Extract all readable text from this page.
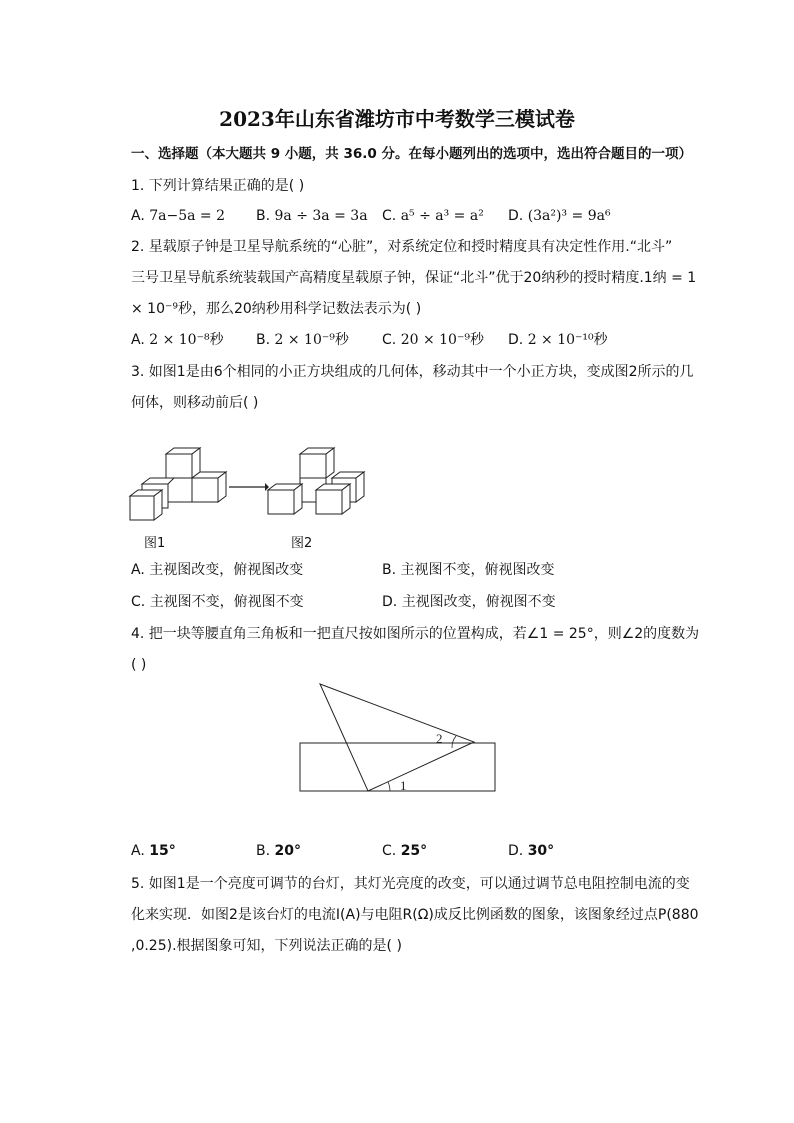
2023年山东省潍坊市中考数学三模试卷
一、选择题（本大题共 9 小题，共 36.0 分。在每小题列出的选项中，选出符合题目的一项）
1. 下列计算结果正确的是( )
A. 7a−5a = 2 B. 9a ÷ 3a = 3a C. a⁵ ÷ a³ = a² D. (3a²)³ = 9a⁶
2. 星载原子钟是卫星导航系统的“心脏”，对系统定位和授时精度具有决定性作用.“北斗”
三号卫星导航系统装载国产高精度星载原子钟，保证“北斗”优于20纳秒的授时精度.1纳 = 1
× 10⁻⁹秒，那么20纳秒用科学记数法表示为( )
A. 2 × 10⁻⁸秒 B. 2 × 10⁻⁹秒 C. 20 × 10⁻⁹秒 D. 2 × 10⁻¹⁰秒
3. 如图1是由6个相同的小正方块组成的几何体，移动其中一个小正方块，变成图2所示的几
何体，则移动前后( )
图1	图2
A. 主视图改变，俯视图改变	B. 主视图不变，俯视图改变
C. 主视图不变，俯视图不变	D. 主视图改变，俯视图不变
4. 把一块等腰直角三角板和一把直尺按如图所示的位置构成，若∠1 = 25°，则∠2的度数为
( )
2
1
A. 15°	B. 20°	C. 25°	D. 30°
5. 如图1是一个亮度可调节的台灯，其灯光亮度的改变，可以通过调节总电阻控制电流的变
化来实现．如图2是该台灯的电流I(A)与电阻R(Ω)成反比例函数的图象，该图象经过点P(880
,0.25).根据图象可知，下列说法正确的是( )
